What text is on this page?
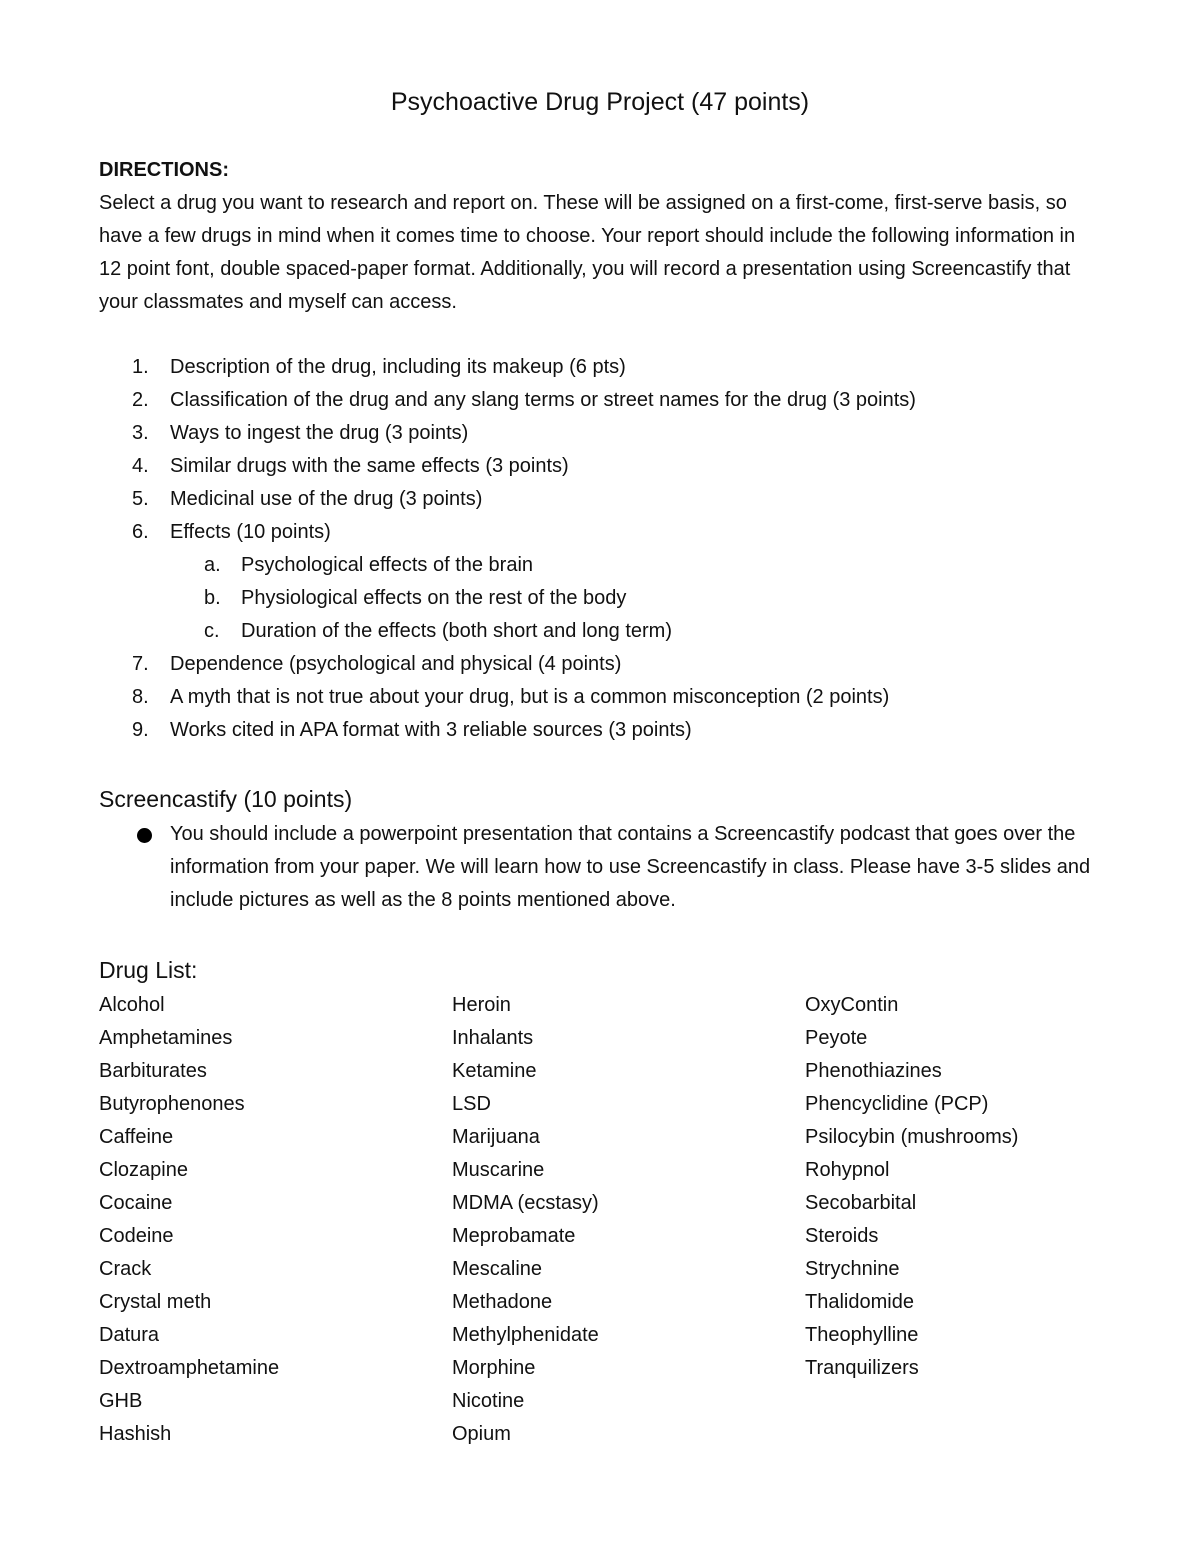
Psychoactive Drug Project (47 points)
DIRECTIONS:

Select a drug you want to research and report on. These will be assigned on a first-come, first-serve basis, so have a few drugs in mind when it comes time to choose. Your report should include the following information in 12 point font, double spaced-paper format. Additionally, you will record a presentation using Screencastify that your classmates and myself can access.

1.	Description of the drug, including its makeup (6 pts)
2.	Classification of the drug and any slang terms or street names for the drug (3 points)
3.	Ways to ingest the drug (3 points)
4.	Similar drugs with the same effects (3 points)
5.	Medicinal use of the drug (3 points)
6.	Effects (10 points)
a.	Psychological effects of the brain
b.	Physiological effects on the rest of the body
c.	Duration of the effects (both short and long term)
7.	Dependence (psychological and physical (4 points)
8.	A myth that is not true about your drug, but is a common misconception (2 points)
9.	Works cited in APA format with 3 reliable sources (3 points)
Screencastify (10 points)

You should include a powerpoint presentation that contains a Screencastify podcast that goes over the information from your paper. We will learn how to use Screencastify in class. Please have 3-5 slides and include pictures as well as the 8 points mentioned above.

Drug List:
Alcohol
Amphetamines
Barbiturates
Butyrophenones
Caffeine
Clozapine
Cocaine
Codeine
Crack
Crystal meth
Datura
Dextroamphetamine
GHB
Hashish
Heroin
Inhalants
Ketamine
LSD
Marijuana
Muscarine
MDMA (ecstasy)
Meprobamate
Mescaline
Methadone
Methylphenidate
Morphine
Nicotine
Opium
OxyContin
Peyote
Phenothiazines
Phencyclidine (PCP)
Psilocybin (mushrooms)
Rohypnol
Secobarbital
Steroids
Strychnine
Thalidomide
Theophylline
Tranquilizers
